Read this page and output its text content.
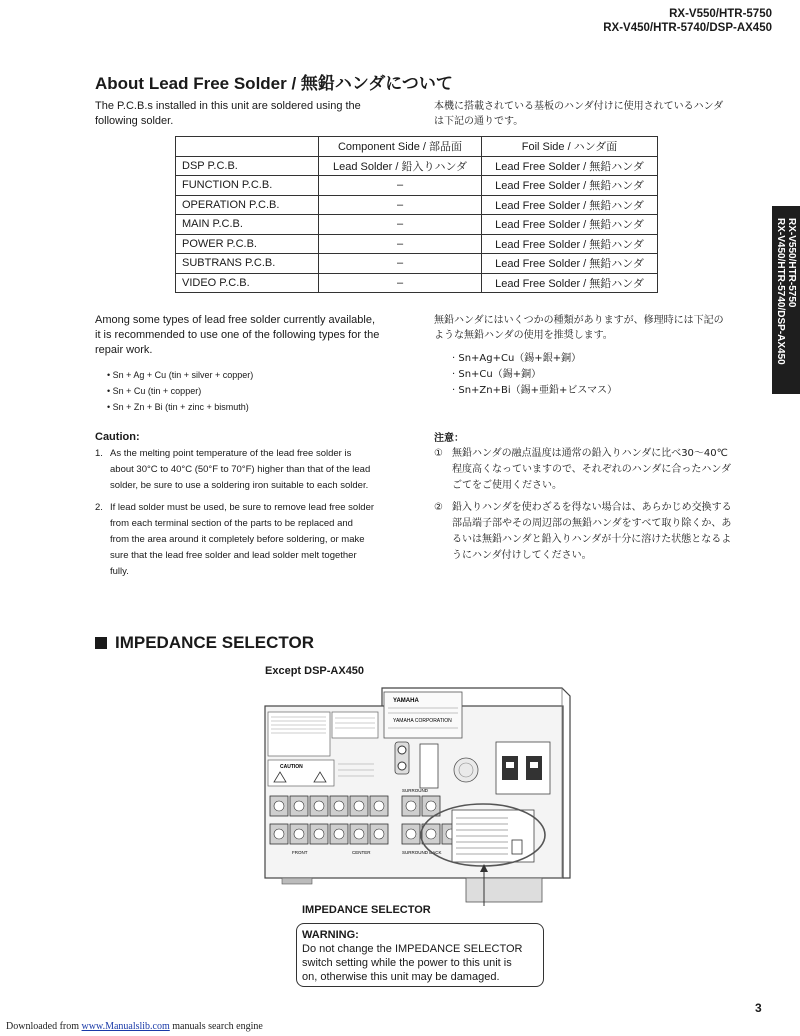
RX-V550/HTR-5750
RX-V450/HTR-5740/DSP-AX450
RX-V550/HTR-5750
RX-V450/HTR-5740/DSP-AX450
About Lead Free Solder / 無鉛ハンダについて
The P.C.B.s installed in this unit are soldered using the
following solder.
本機に搭載されている基板のハンダ付けに使用されているハンダ
は下記の通りです。
	Component Side / 部品面	Foil Side / ハンダ面
DSP P.C.B.	Lead Solder / 鉛入りハンダ	Lead Free Solder / 無鉛ハンダ
FUNCTION P.C.B.	–	Lead Free Solder / 無鉛ハンダ
OPERATION P.C.B.	–	Lead Free Solder / 無鉛ハンダ
MAIN P.C.B.	–	Lead Free Solder / 無鉛ハンダ
POWER P.C.B.	–	Lead Free Solder / 無鉛ハンダ
SUBTRANS P.C.B.	–	Lead Free Solder / 無鉛ハンダ
VIDEO P.C.B.	–	Lead Free Solder / 無鉛ハンダ
Among some types of lead free solder currently available,
it is recommended to use one of the following types for the
repair work.
• Sn + Ag + Cu (tin + silver + copper)
• Sn + Cu (tin + copper)
• Sn + Zn + Bi (tin + zinc + bismuth)
無鉛ハンダにはいくつかの種類がありますが、修理時には下記の
ような無鉛ハンダの使用を推奨します。
· Sn+Ag+Cu（錫+銀+銅）
· Sn+Cu（錫+銅）
· Sn+Zn+Bi（錫+亜鉛+ビスマス）
Caution:
1. As the melting point temperature of the lead free solder is
about 30°C to 40°C (50°F to 70°F) higher than that of the lead
solder, be sure to use a soldering iron suitable to each solder.
2. If lead solder must be used, be sure to remove lead free solder
from each terminal section of the parts to be replaced and
from the area around it completely before soldering, or make
sure that the lead free solder and lead solder melt together
fully.
注意：
① 無鉛ハンダの融点温度は通常の鉛入りハンダに比べ30〜40℃
程度高くなっていますので、それぞれのハンダに合ったハンダ
ごてをご使用ください。
② 鉛入りハンダを使わざるを得ない場合は、あらかじめ交換する
部品端子部やその周辺部の無鉛ハンダをすべて取り除くか、あ
るいは無鉛ハンダと鉛入りハンダが十分に溶けた状態となるよ
うにハンダ付けしてください。
IMPEDANCE SELECTOR
Except DSP-AX450
YAMAHA
YAMAHA CORPORATION
CAUTION
SURROUND
FRONT	CENTER	SURROUND BACK
IMPEDANCE SELECTOR
WARNING:
Do not change the IMPEDANCE SELECTOR
switch setting while the power to this unit is
on, otherwise this unit may be damaged.
3
Downloaded from www.Manualslib.com manuals search engine
